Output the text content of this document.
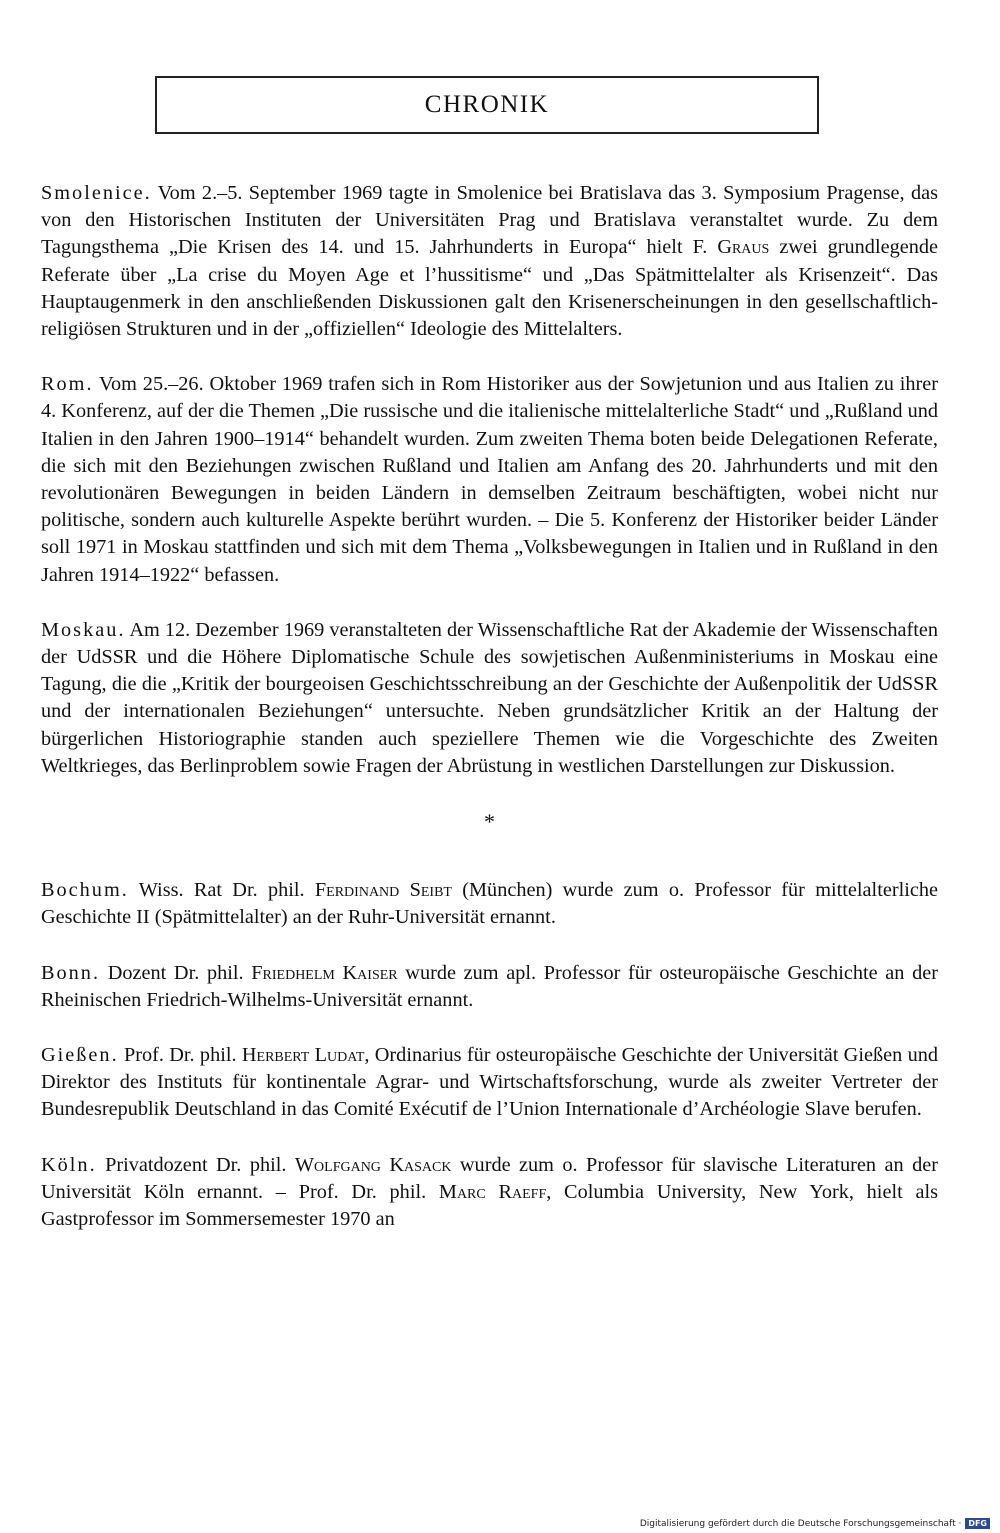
CHRONIK

Smolenice. Vom 2.–5. September 1969 tagte in Smolenice bei Bratislava das 3. Symposium Pragense, das von den Historischen Instituten der Universitäten Prag und Bratislava veranstaltet wurde. Zu dem Tagungsthema „Die Krisen des 14. und 15. Jahrhunderts in Europa“ hielt F. Graus zwei grundlegende Referate über „La crise du Moyen Age et l’hussitisme“ und „Das Spätmittelalter als Krisenzeit“. Das Hauptaugenmerk in den anschließenden Diskussionen galt den Krisenerscheinungen in den gesellschaftlich-religiösen Strukturen und in der „offiziellen“ Ideologie des Mittelalters.

Rom. Vom 25.–26. Oktober 1969 trafen sich in Rom Historiker aus der Sowjetunion und aus Italien zu ihrer 4. Konferenz, auf der die Themen „Die russische und die italienische mittelalterliche Stadt“ und „Rußland und Italien in den Jahren 1900–1914“ behandelt wurden. Zum zweiten Thema boten beide Delegationen Referate, die sich mit den Beziehungen zwischen Rußland und Italien am Anfang des 20. Jahrhunderts und mit den revolutionären Bewegungen in beiden Ländern in demselben Zeitraum beschäftigten, wobei nicht nur politische, sondern auch kulturelle Aspekte berührt wurden. – Die 5. Konferenz der Historiker beider Länder soll 1971 in Moskau stattfinden und sich mit dem Thema „Volksbewegungen in Italien und in Rußland in den Jahren 1914–1922“ befassen.

Moskau. Am 12. Dezember 1969 veranstalteten der Wissenschaftliche Rat der Akademie der Wissenschaften der UdSSR und die Höhere Diplomatische Schule des sowjetischen Außenministeriums in Moskau eine Tagung, die die „Kritik der bourgeoisen Geschichtsschreibung an der Geschichte der Außenpolitik der UdSSR und der internationalen Beziehungen“ untersuchte. Neben grundsätzlicher Kritik an der Haltung der bürgerlichen Historiographie standen auch speziellere Themen wie die Vorgeschichte des Zweiten Weltkrieges, das Berlinproblem sowie Fragen der Abrüstung in westlichen Darstellungen zur Diskussion.

*

Bochum. Wiss. Rat Dr. phil. Ferdinand Seibt (München) wurde zum o. Professor für mittelalterliche Geschichte II (Spätmittelalter) an der Ruhr-Universität ernannt.

Bonn. Dozent Dr. phil. Friedhelm Kaiser wurde zum apl. Professor für osteuropäische Geschichte an der Rheinischen Friedrich-Wilhelms-Universität ernannt.

Gießen. Prof. Dr. phil. Herbert Ludat, Ordinarius für osteuropäische Geschichte der Universität Gießen und Direktor des Instituts für kontinentale Agrar- und Wirtschaftsforschung, wurde als zweiter Vertreter der Bundesrepublik Deutschland in das Comité Exécutif de l’Union Internationale d’Archéologie Slave berufen.

Köln. Privatdozent Dr. phil. Wolfgang Kasack wurde zum o. Professor für slavische Literaturen an der Universität Köln ernannt. – Prof. Dr. phil. Marc Raeff, Columbia University, New York, hielt als Gastprofessor im Sommersemester 1970 an

Digitalisierung gefördert durch die Deutsche Forschungsgemeinschaft · DFG
